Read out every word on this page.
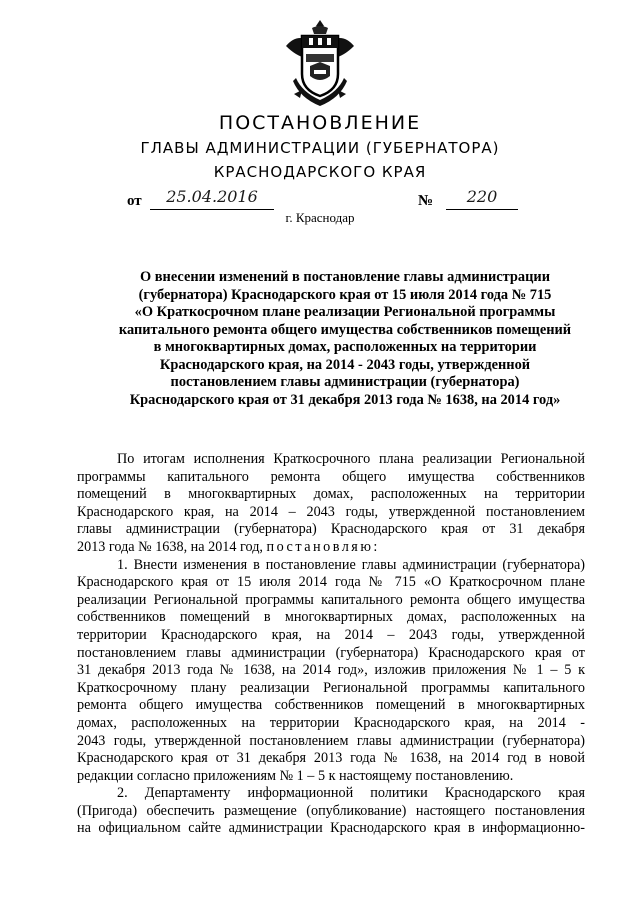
ПОСТАНОВЛЕНИЕ
ГЛАВЫ АДМИНИСТРАЦИИ (ГУБЕРНАТОРА)
КРАСНОДАРСКОГО КРАЯ
от	25.04.2016	№	220
г. Краснодар
О внесении изменений в постановление главы администрации
(губернатора) Краснодарского края от 15 июля 2014 года № 715
«О Краткосрочном плане реализации Региональной программы
капитального ремонта общего имущества собственников помещений
в многоквартирных домах, расположенных на территории
Краснодарского края, на 2014 - 2043 годы, утвержденной
постановлением главы администрации (губернатора)
Краснодарского края от 31 декабря 2013 года № 1638, на 2014 год»
По итогам исполнения Краткосрочного плана реализации Региональной
программы капитального ремонта общего имущества собственников
помещений в многоквартирных домах, расположенных на территории
Краснодарского края, на 2014 – 2043 годы, утвержденной постановлением
главы администрации (губернатора) Краснодарского края от 31 декабря
2013 года № 1638, на 2014 год, постановляю:
1. Внести изменения в постановление главы администрации (губернатора)
Краснодарского края от 15 июля 2014 года № 715 «О Краткосрочном плане
реализации Региональной программы капитального ремонта общего имущества
собственников помещений в многоквартирных домах, расположенных на
территории Краснодарского края, на 2014 – 2043 годы, утвержденной
постановлением главы администрации (губернатора) Краснодарского края от
31 декабря 2013 года № 1638, на 2014 год», изложив приложения № 1 – 5 к
Краткосрочному плану реализации Региональной программы капитального
ремонта общего имущества собственников помещений в многоквартирных
домах, расположенных на территории Краснодарского края, на 2014 -
2043 годы, утвержденной постановлением главы администрации (губернатора)
Краснодарского края от 31 декабря 2013 года № 1638, на 2014 год в новой
редакции согласно приложениям № 1 – 5 к настоящему постановлению.
2. Департаменту информационной политики Краснодарского края
(Пригода) обеспечить размещение (опубликование) настоящего постановления
на официальном сайте администрации Краснодарского края в информационно-
